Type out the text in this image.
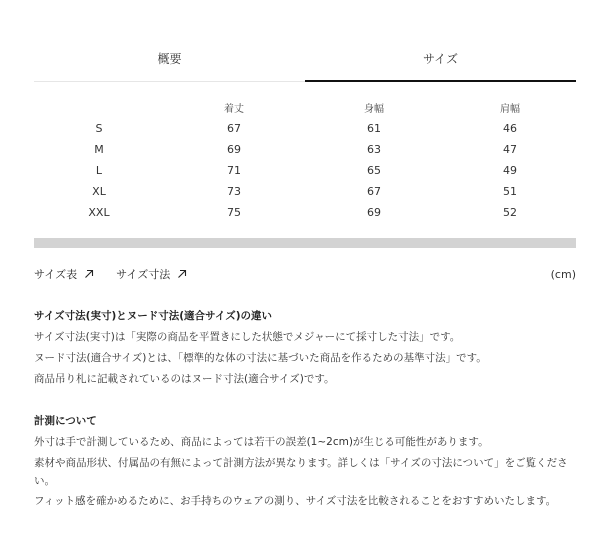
概要	サイズ
	着丈	身幅	肩幅
S	67	61	46
M	69	63	47
L	71	65	49
XL	73	67	51
XXL	75	69	52
サイズ表	サイズ寸法	(cm)
サイズ寸法(実寸)とヌード寸法(適合サイズ)の違い
サイズ寸法(実寸)は「実際の商品を平置きにした状態でメジャーにて採寸した寸法」です。
ヌード寸法(適合サイズ)とは、「標準的な体の寸法に基づいた商品を作るための基準寸法」です。
商品吊り札に記載されているのはヌード寸法(適合サイズ)です。
計測について
外寸は手で計測しているため、商品によっては若干の誤差(1~2cm)が生じる可能性があります。
素材や商品形状、付属品の有無によって計測方法が異なります。詳しくは「サイズの寸法について」をご覧ください。
フィット感を確かめるために、お手持ちのウェアの測り、サイズ寸法を比較されることをおすすめいたします。
